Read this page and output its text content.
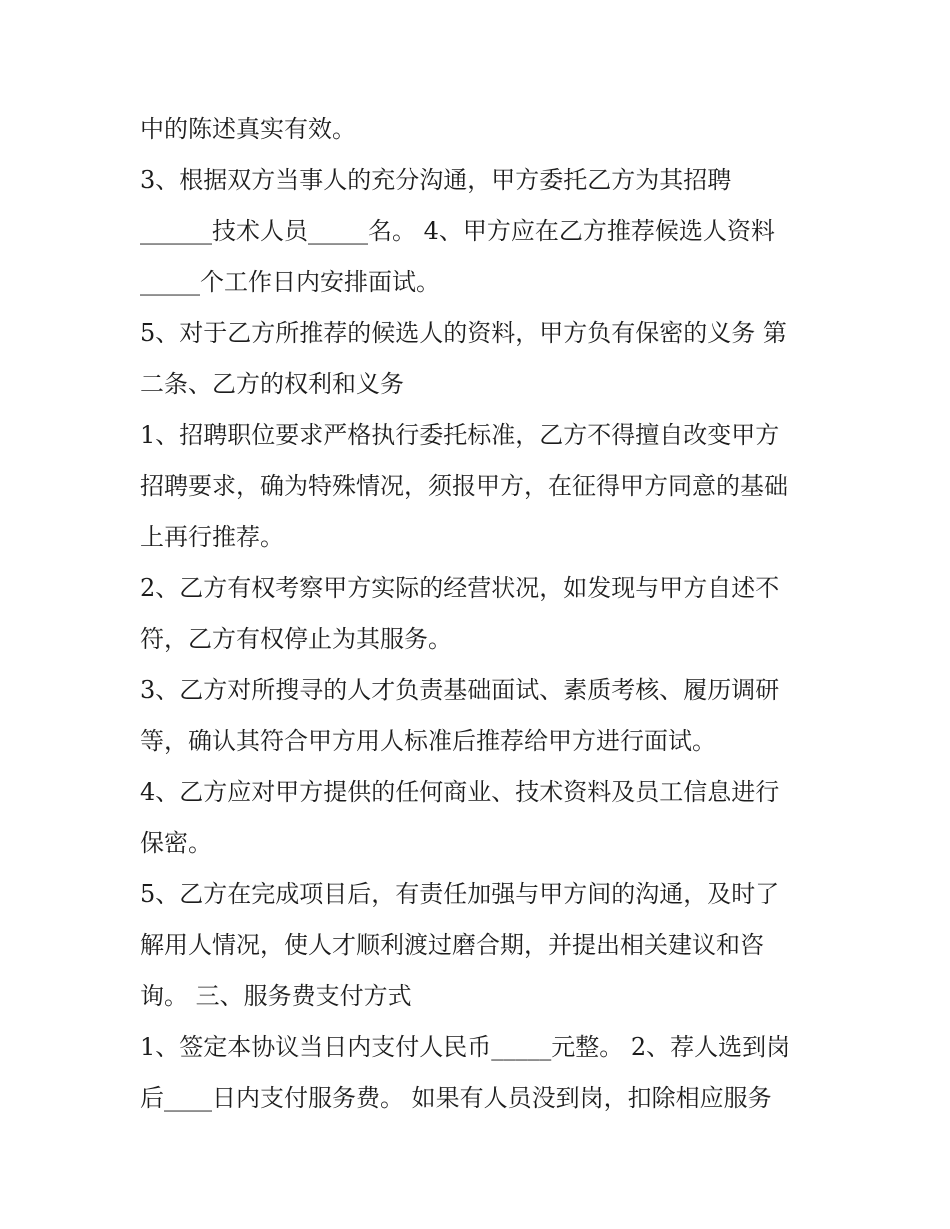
中的陈述真实有效。
3、根据双方当事人的充分沟通，甲方委托乙方为其招聘
______技术人员_____名。 4、甲方应在乙方推荐候选人资料
_____个工作日内安排面试。
5、对于乙方所推荐的候选人的资料，甲方负有保密的义务 第
二条、乙方的权利和义务
1、招聘职位要求严格执行委托标准，乙方不得擅自改变甲方
招聘要求，确为特殊情况，须报甲方，在征得甲方同意的基础
上再行推荐。
2、乙方有权考察甲方实际的经营状况，如发现与甲方自述不
符，乙方有权停止为其服务。
3、乙方对所搜寻的人才负责基础面试、素质考核、履历调研
等，确认其符合甲方用人标准后推荐给甲方进行面试。
4、乙方应对甲方提供的任何商业、技术资料及员工信息进行
保密。
5、乙方在完成项目后，有责任加强与甲方间的沟通，及时了
解用人情况，使人才顺利渡过磨合期，并提出相关建议和咨
询。 三、服务费支付方式
1、签定本协议当日内支付人民币_____元整。 2、荐人选到岗
后____日内支付服务费。 如果有人员没到岗，扣除相应服务
